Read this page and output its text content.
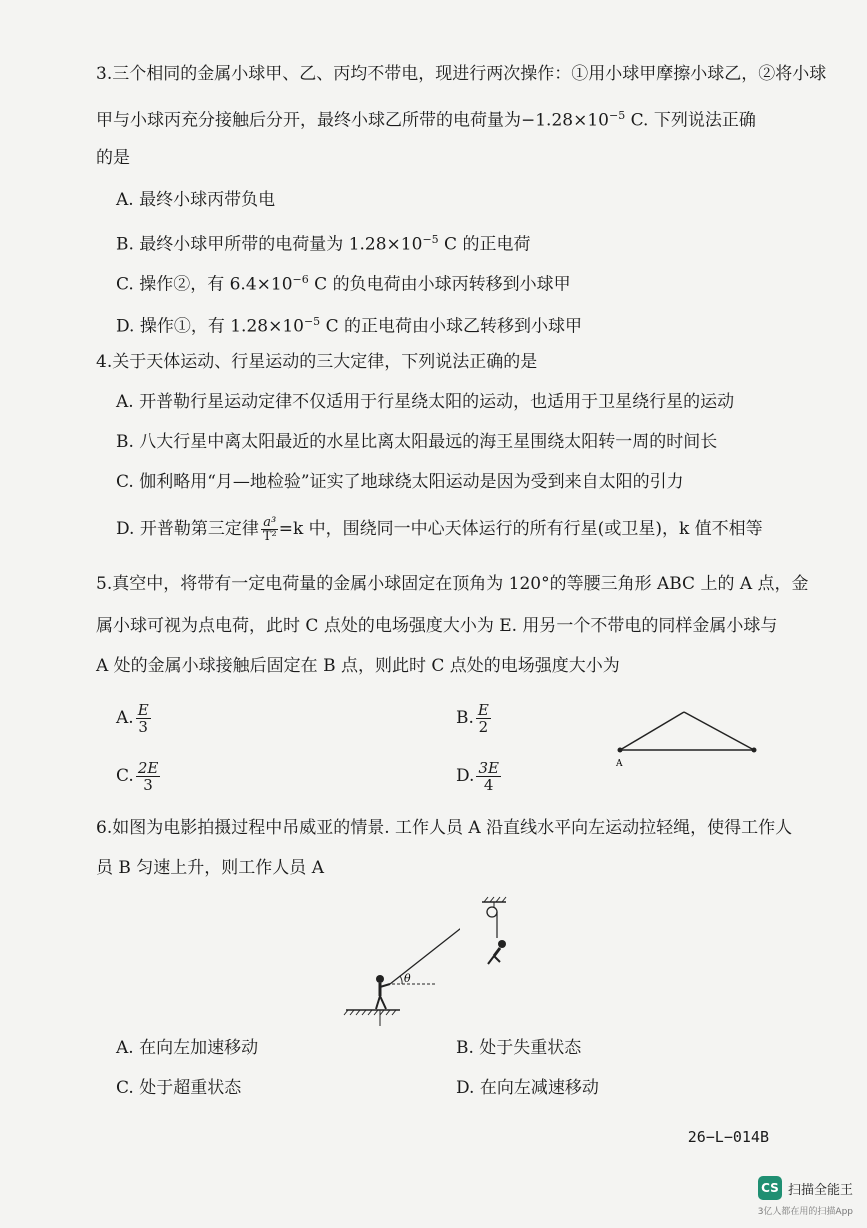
3.三个相同的金属小球甲、乙、丙均不带电，现进行两次操作：①用小球甲摩擦小球乙，②将小球
甲与小球丙充分接触后分开，最终小球乙所带的电荷量为$-1.28\times 10^{-5}$ C. 下列说法正确
的是
A. 最终小球丙带负电
B. 最终小球甲所带的电荷量为 $1.28\times 10^{-5}$ C 的正电荷
C. 操作②，有 $6.4\times 10^{-6}$ C 的负电荷由小球丙转移到小球甲
D. 操作①，有 $1.28\times 10^{-5}$ C 的正电荷由小球乙转移到小球甲
4.关于天体运动、行星运动的三大定律，下列说法正确的是
A. 开普勒行星运动定律不仅适用于行星绕太阳的运动，也适用于卫星绕行星的运动
B. 八大行星中离太阳最近的水星比离太阳最远的海王星围绕太阳转一周的时间长
C. 伽利略用“月—地检验”证实了地球绕太阳运动是因为受到来自太阳的引力
D. 开普勒第三定律 $\frac{\text{a³}}{\text{T²}} =k$ 中，围绕同一中心天体运行的所有行星(或卫星)，k 值不相等
5.真空中，将带有一定电荷量的金属小球固定在顶角为 120°的等腰三角形 ABC 上的 A 点，金
属小球可视为点电荷，此时 C 点处的电场强度大小为 E. 用另一个不带电的同样金属小球与
A 处的金属小球接触后固定在 B 点，则此时 C 点处的电场强度大小为
A. $\frac{E}{3}$	B. $\frac{E}{2}$
C. $\frac{2E}{3}$	D. $\frac{3E}{4}$	A
6.如图为电影拍摄过程中吊威亚的情景. 工作人员 A 沿直线水平向左运动拉轻绳，使得工作人
员 B 匀速上升，则工作人员 A
θ
A. 在向左加速移动	B. 处于失重状态
C. 处于超重状态	D. 在向左减速移动
26−L−014B
CS 扫描全能王
3亿人都在用的扫描App
